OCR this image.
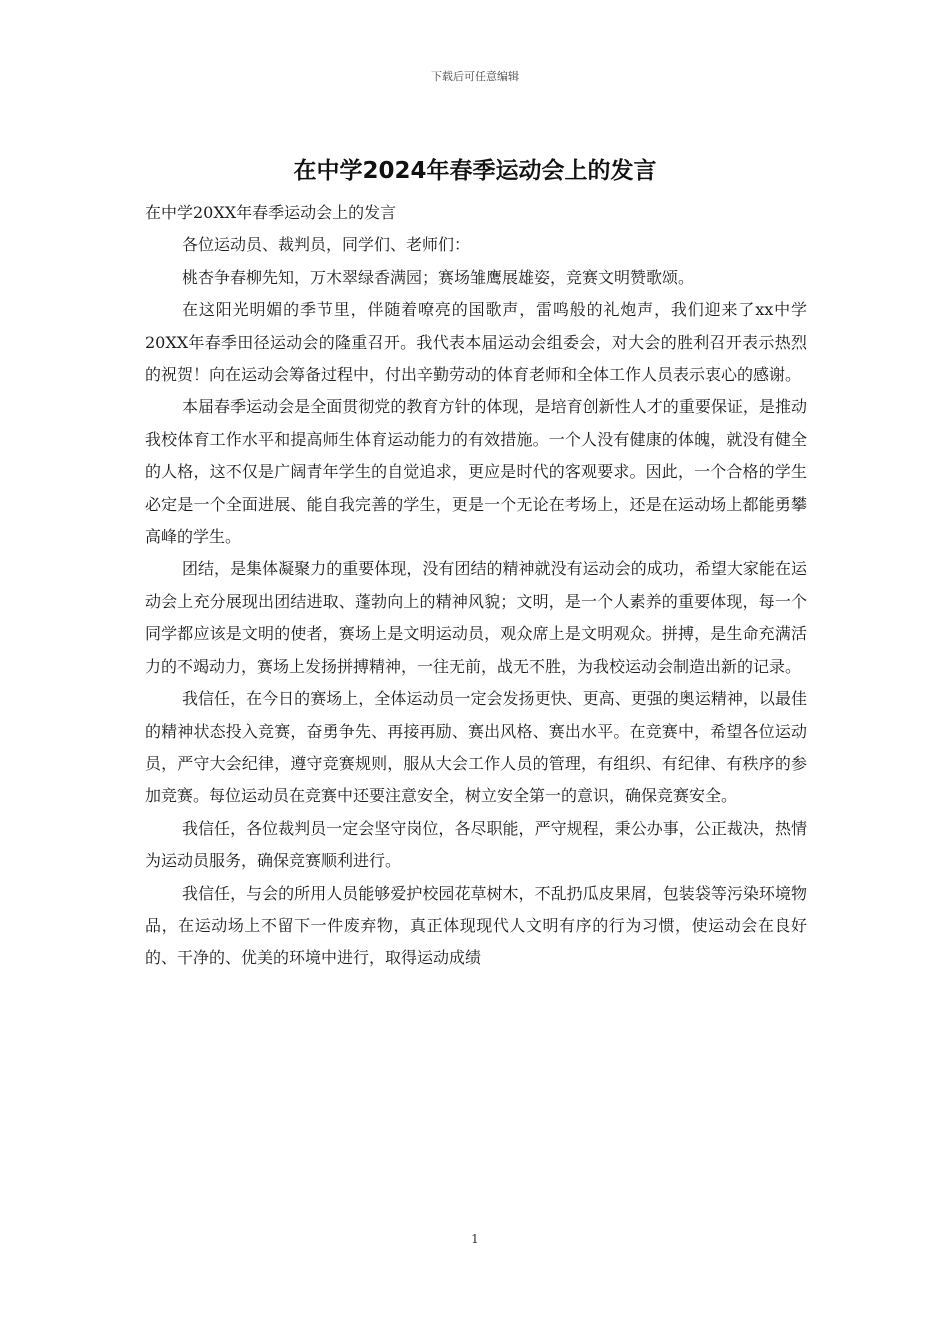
下载后可任意编辑
在中学2024年春季运动会上的发言

在中学20XX年春季运动会上的发言

各位运动员、裁判员，同学们、老师们：

桃杏争春柳先知，万木翠绿香满园；赛场雏鹰展雄姿，竞赛文明赞歌颂。

在这阳光明媚的季节里，伴随着嘹亮的国歌声，雷鸣般的礼炮声，我们迎来了xx中学20XX年春季田径运动会的隆重召开。我代表本届运动会组委会，对大会的胜利召开表示热烈的祝贺！向在运动会筹备过程中，付出辛勤劳动的体育老师和全体工作人员表示衷心的感谢。

本届春季运动会是全面贯彻党的教育方针的体现，是培育创新性人才的重要保证，是推动我校体育工作水平和提高师生体育运动能力的有效措施。一个人没有健康的体魄，就没有健全的人格，这不仅是广阔青年学生的自觉追求，更应是时代的客观要求。因此，一个合格的学生必定是一个全面进展、能自我完善的学生，更是一个无论在考场上，还是在运动场上都能勇攀高峰的学生。

团结，是集体凝聚力的重要体现，没有团结的精神就没有运动会的成功，希望大家能在运动会上充分展现出团结进取、蓬勃向上的精神风貌；文明，是一个人素养的重要体现，每一个同学都应该是文明的使者，赛场上是文明运动员，观众席上是文明观众。拼搏，是生命充满活力的不竭动力，赛场上发扬拼搏精神，一往无前，战无不胜，为我校运动会制造出新的记录。

我信任，在今日的赛场上，全体运动员一定会发扬更快、更高、更强的奥运精神，以最佳的精神状态投入竞赛，奋勇争先、再接再励、赛出风格、赛出水平。在竞赛中，希望各位运动员，严守大会纪律，遵守竞赛规则，服从大会工作人员的管理，有组织、有纪律、有秩序的参加竞赛。每位运动员在竞赛中还要注意安全，树立安全第一的意识，确保竞赛安全。

我信任，各位裁判员一定会坚守岗位，各尽职能，严守规程，秉公办事，公正裁决，热情为运动员服务，确保竞赛顺利进行。

我信任，与会的所用人员能够爱护校园花草树木，不乱扔瓜皮果屑，包装袋等污染环境物品，在运动场上不留下一件废弃物，真正体现现代人文明有序的行为习惯，使运动会在良好的、干净的、优美的环境中进行，取得运动成绩

1
